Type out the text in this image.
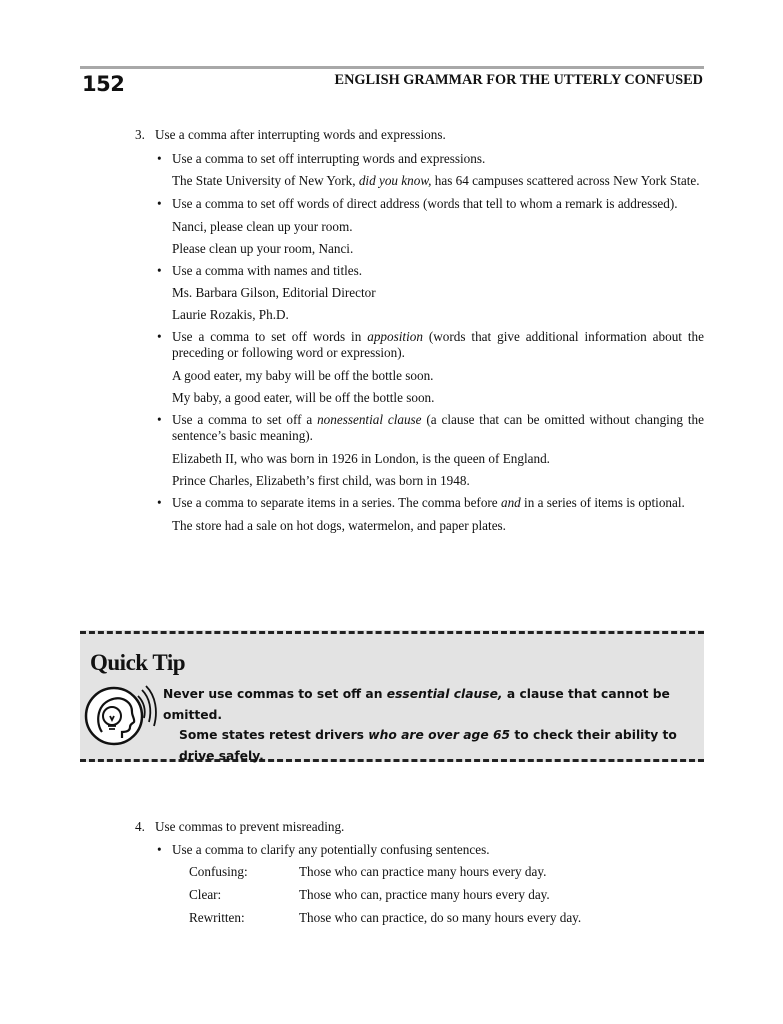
152	ENGLISH GRAMMAR FOR THE UTTERLY CONFUSED
3. Use a comma after interrupting words and expressions.
• Use a comma to set off interrupting words and expressions.
The State University of New York, did you know, has 64 campuses scattered across New York State.
• Use a comma to set off words of direct address (words that tell to whom a remark is addressed).
Nanci, please clean up your room.
Please clean up your room, Nanci.
• Use a comma with names and titles.
Ms. Barbara Gilson, Editorial Director
Laurie Rozakis, Ph.D.
• Use a comma to set off words in apposition (words that give additional information about the preceding or following word or expression).
A good eater, my baby will be off the bottle soon.
My baby, a good eater, will be off the bottle soon.
• Use a comma to set off a nonessential clause (a clause that can be omitted without changing the sentence’s basic meaning).
Elizabeth II, who was born in 1926 in London, is the queen of England.
Prince Charles, Elizabeth’s first child, was born in 1948.
• Use a comma to separate items in a series. The comma before and in a series of items is optional.
The store had a sale on hot dogs, watermelon, and paper plates.
Quick Tip
Never use commas to set off an essential clause, a clause that cannot be omitted.
Some states retest drivers who are over age 65 to check their ability to drive safely.
4. Use commas to prevent misreading.
• Use a comma to clarify any potentially confusing sentences.
Confusing:	Those who can practice many hours every day.
Clear:	Those who can, practice many hours every day.
Rewritten:	Those who can practice, do so many hours every day.
